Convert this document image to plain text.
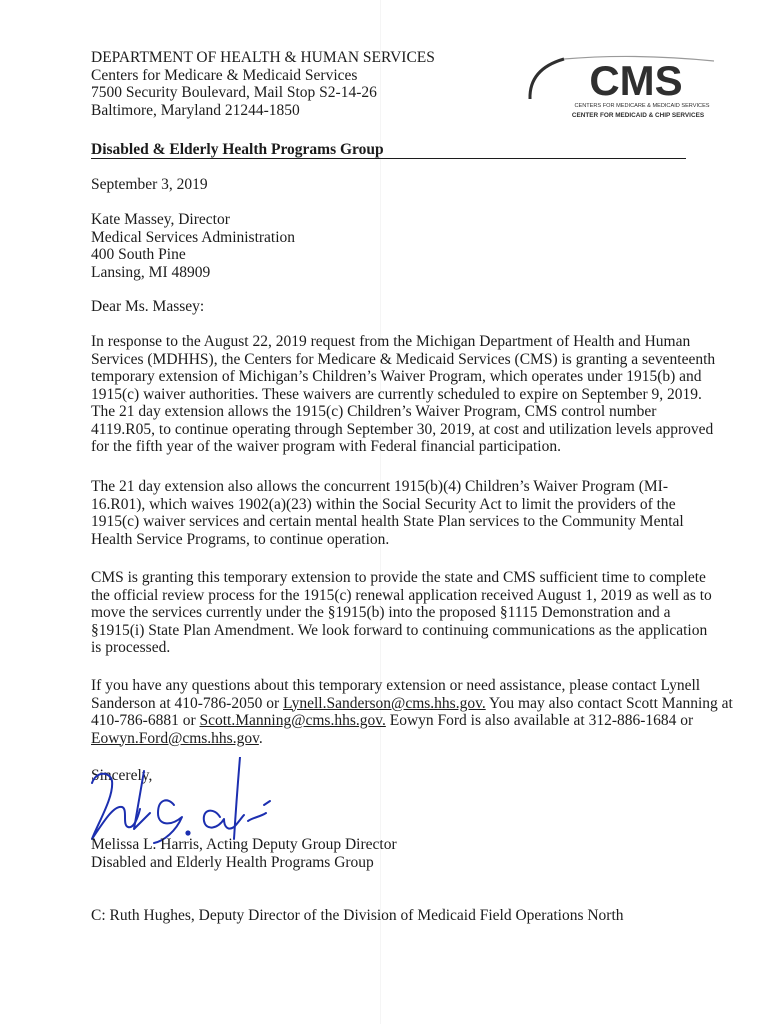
DEPARTMENT OF HEALTH & HUMAN SERVICES
Centers for Medicare & Medicaid Services
7500 Security Boulevard, Mail Stop S2-14-26
Baltimore, Maryland 21244-1850
CMS
CENTERS FOR MEDICARE & MEDICAID SERVICES
CENTER FOR MEDICAID & CHIP SERVICES
Disabled & Elderly Health Programs Group
September 3, 2019
Kate Massey, Director
Medical Services Administration
400 South Pine
Lansing, MI 48909
Dear Ms. Massey:
In response to the August 22, 2019 request from the Michigan Department of Health and Human
Services (MDHHS), the Centers for Medicare & Medicaid Services (CMS) is granting a seventeenth
temporary extension of Michigan’s Children’s Waiver Program, which operates under 1915(b) and
1915(c) waiver authorities. These waivers are currently scheduled to expire on September 9, 2019.
The 21 day extension allows the 1915(c) Children’s Waiver Program, CMS control number
4119.R05, to continue operating through September 30, 2019, at cost and utilization levels approved
for the fifth year of the waiver program with Federal financial participation.
The 21 day extension also allows the concurrent 1915(b)(4) Children’s Waiver Program (MI-
16.R01), which waives 1902(a)(23) within the Social Security Act to limit the providers of the
1915(c) waiver services and certain mental health State Plan services to the Community Mental
Health Service Programs, to continue operation.
CMS is granting this temporary extension to provide the state and CMS sufficient time to complete
the official review process for the 1915(c) renewal application received August 1, 2019 as well as to
move the services currently under the §1915(b) into the proposed §1115 Demonstration and a
§1915(i) State Plan Amendment. We look forward to continuing communications as the application
is processed.
If you have any questions about this temporary extension or need assistance, please contact Lynell
Sanderson at 410-786-2050 or Lynell.Sanderson@cms.hhs.gov. You may also contact Scott Manning at
410-786-6881 or Scott.Manning@cms.hhs.gov. Eowyn Ford is also available at 312-886-1684 or
Eowyn.Ford@cms.hhs.gov.
Sincerely,
Melissa L. Harris, Acting Deputy Group Director
Disabled and Elderly Health Programs Group
C: Ruth Hughes, Deputy Director of the Division of Medicaid Field Operations North
